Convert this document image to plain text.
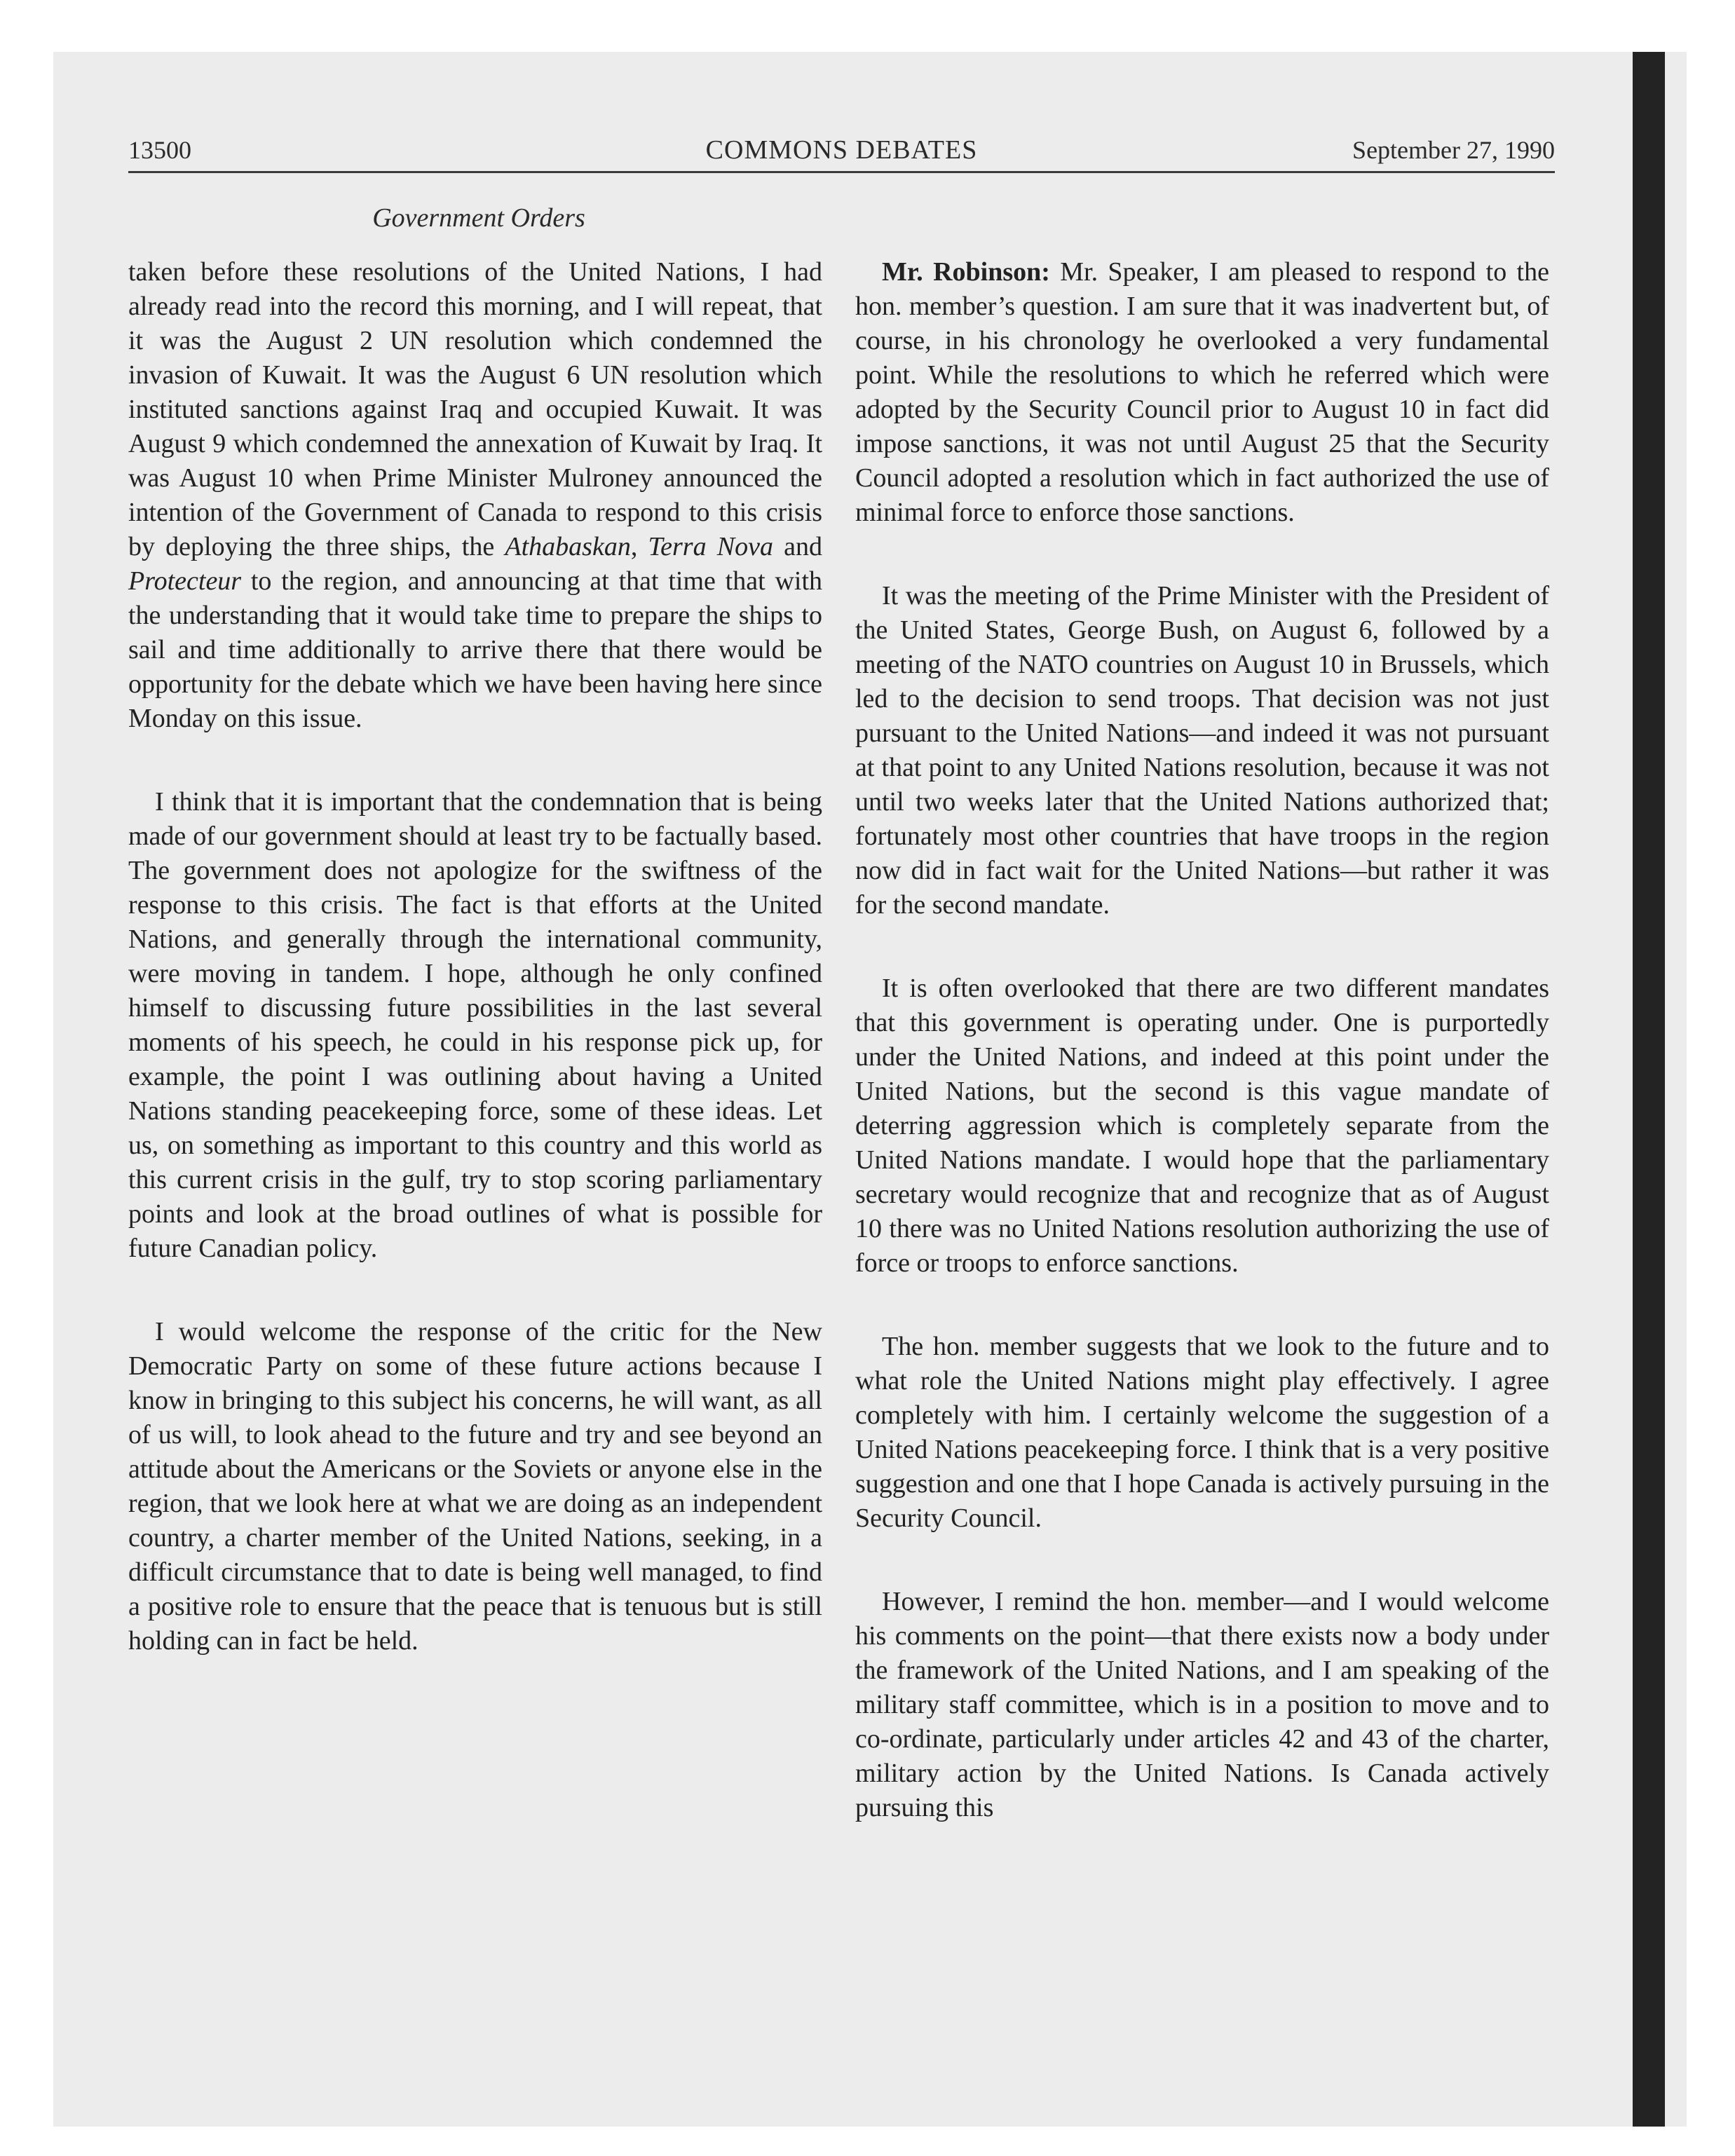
13500	COMMONS DEBATES	September 27, 1990
Government Orders

taken before these resolutions of the United Nations, I had already read into the record this morning, and I will repeat, that it was the August 2 UN resolution which condemned the invasion of Kuwait. It was the August 6 UN resolution which instituted sanctions against Iraq and occupied Kuwait. It was August 9 which condemned the annexation of Kuwait by Iraq. It was August 10 when Prime Minister Mulroney announced the intention of the Government of Canada to respond to this crisis by deploying the three ships, the Athabaskan, Terra Nova and Protecteur to the region, and announcing at that time that with the understanding that it would take time to prepare the ships to sail and time additionally to arrive there that there would be opportunity for the debate which we have been having here since Monday on this issue.

I think that it is important that the condemnation that is being made of our government should at least try to be factually based. The government does not apologize for the swiftness of the response to this crisis. The fact is that efforts at the United Nations, and generally through the international community, were moving in tandem. I hope, although he only confined himself to discussing future possibilities in the last several moments of his speech, he could in his response pick up, for example, the point I was outlining about having a United Nations standing peacekeeping force, some of these ideas. Let us, on something as important to this country and this world as this current crisis in the gulf, try to stop scoring parliamentary points and look at the broad outlines of what is possible for future Canadian policy.

I would welcome the response of the critic for the New Democratic Party on some of these future actions because I know in bringing to this subject his concerns, he will want, as all of us will, to look ahead to the future and try and see beyond an attitude about the Americans or the Soviets or anyone else in the region, that we look here at what we are doing as an independent country, a charter member of the United Nations, seeking, in a difficult circumstance that to date is being well managed, to find a positive role to ensure that the peace that is tenuous but is still holding can in fact be held.

Mr. Robinson: Mr. Speaker, I am pleased to respond to the hon. member’s question. I am sure that it was inadvertent but, of course, in his chronology he overlooked a very fundamental point. While the resolutions to which he referred which were adopted by the Security Council prior to August 10 in fact did impose sanctions, it was not until August 25 that the Security Council adopted a resolution which in fact authorized the use of minimal force to enforce those sanctions.

It was the meeting of the Prime Minister with the President of the United States, George Bush, on August 6, followed by a meeting of the NATO countries on August 10 in Brussels, which led to the decision to send troops. That decision was not just pursuant to the United Nations—and indeed it was not pursuant at that point to any United Nations resolution, because it was not until two weeks later that the United Nations authorized that; fortunately most other countries that have troops in the region now did in fact wait for the United Nations—but rather it was for the second mandate.

It is often overlooked that there are two different mandates that this government is operating under. One is purportedly under the United Nations, and indeed at this point under the United Nations, but the second is this vague mandate of deterring aggression which is completely separate from the United Nations mandate. I would hope that the parliamentary secretary would recognize that and recognize that as of August 10 there was no United Nations resolution authorizing the use of force or troops to enforce sanctions.

The hon. member suggests that we look to the future and to what role the United Nations might play effectively. I agree completely with him. I certainly welcome the suggestion of a United Nations peacekeeping force. I think that is a very positive suggestion and one that I hope Canada is actively pursuing in the Security Council.

However, I remind the hon. member—and I would welcome his comments on the point—that there exists now a body under the framework of the United Nations, and I am speaking of the military staff committee, which is in a position to move and to co-ordinate, particularly under articles 42 and 43 of the charter, military action by the United Nations. Is Canada actively pursuing this
